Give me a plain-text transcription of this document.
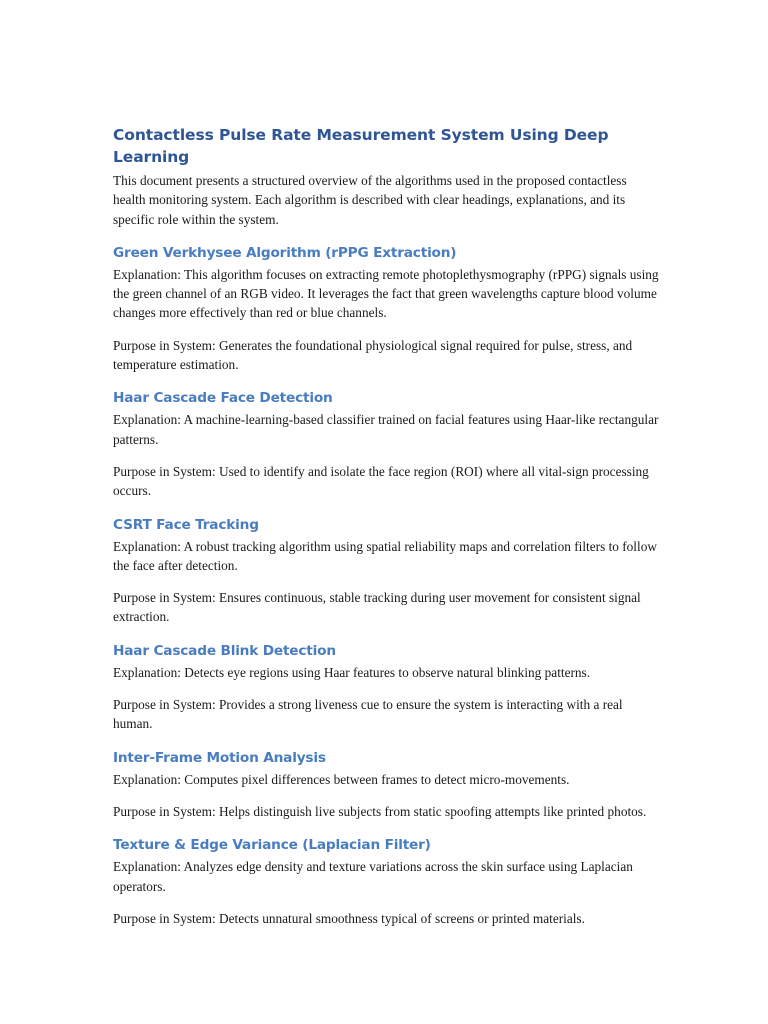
Contactless Pulse Rate Measurement System Using Deep Learning

This document presents a structured overview of the algorithms used in the proposed contactless health monitoring system. Each algorithm is described with clear headings, explanations, and its specific role within the system.

Green Verkhysee Algorithm (rPPG Extraction)

Explanation: This algorithm focuses on extracting remote photoplethysmography (rPPG) signals using the green channel of an RGB video. It leverages the fact that green wavelengths capture blood volume changes more effectively than red or blue channels.

Purpose in System: Generates the foundational physiological signal required for pulse, stress, and temperature estimation.

Haar Cascade Face Detection

Explanation: A machine-learning-based classifier trained on facial features using Haar-like rectangular patterns.

Purpose in System: Used to identify and isolate the face region (ROI) where all vital-sign processing occurs.

CSRT Face Tracking

Explanation: A robust tracking algorithm using spatial reliability maps and correlation filters to follow the face after detection.

Purpose in System: Ensures continuous, stable tracking during user movement for consistent signal extraction.

Haar Cascade Blink Detection

Explanation: Detects eye regions using Haar features to observe natural blinking patterns.

Purpose in System: Provides a strong liveness cue to ensure the system is interacting with a real human.

Inter-Frame Motion Analysis

Explanation: Computes pixel differences between frames to detect micro-movements.

Purpose in System: Helps distinguish live subjects from static spoofing attempts like printed photos.

Texture & Edge Variance (Laplacian Filter)

Explanation: Analyzes edge density and texture variations across the skin surface using Laplacian operators.

Purpose in System: Detects unnatural smoothness typical of screens or printed materials.
